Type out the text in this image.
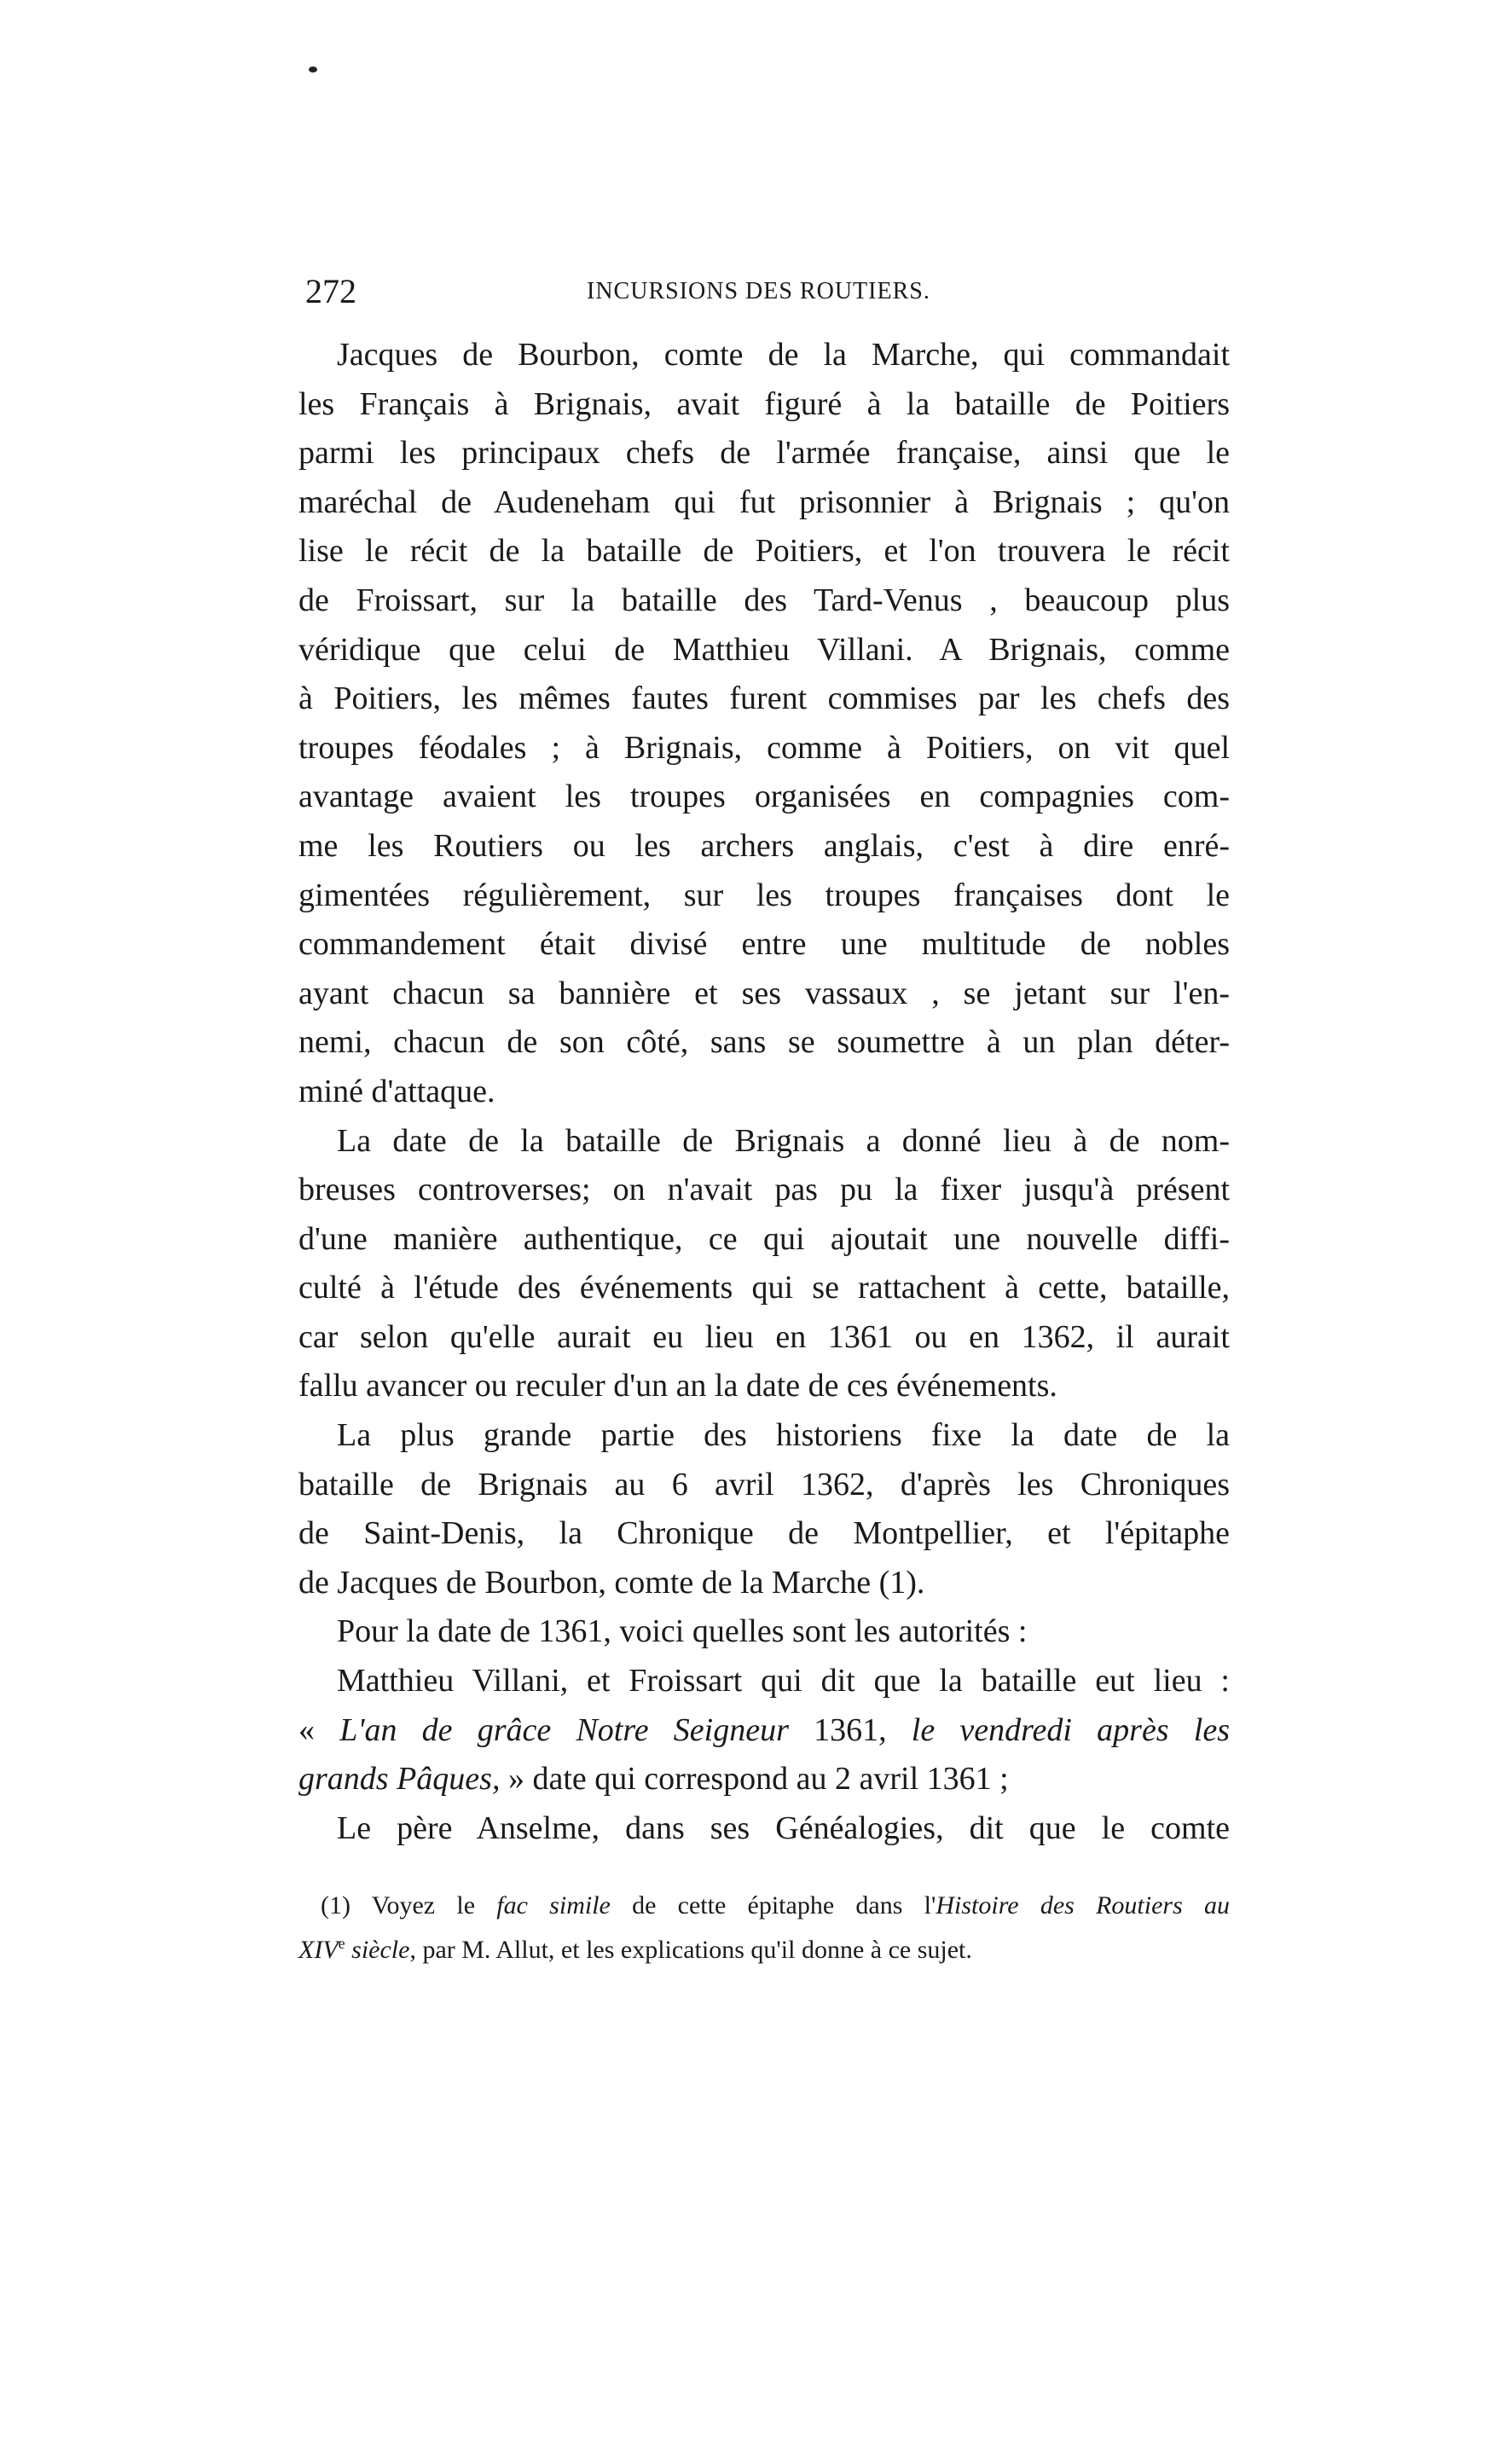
272	INCURSIONS DES ROUTIERS.
Jacques de Bourbon, comte de la Marche, qui commandait
les Français à Brignais, avait figuré à la bataille de Poitiers
parmi les principaux chefs de l'armée française, ainsi que le
maréchal de Audeneham qui fut prisonnier à Brignais ; qu'on
lise le récit de la bataille de Poitiers, et l'on trouvera le récit
de Froissart, sur la bataille des Tard-Venus , beaucoup plus
véridique que celui de Matthieu Villani. A Brignais, comme
à Poitiers, les mêmes fautes furent commises par les chefs des
troupes féodales ; à Brignais, comme à Poitiers, on vit quel
avantage avaient les troupes organisées en compagnies com-
me les Routiers ou les archers anglais, c'est à dire enré-
gimentées régulièrement, sur les troupes françaises dont le
commandement était divisé entre une multitude de nobles
ayant chacun sa bannière et ses vassaux , se jetant sur l'en-
nemi, chacun de son côté, sans se soumettre à un plan déter-
miné d'attaque.
La date de la bataille de Brignais a donné lieu à de nom-
breuses controverses; on n'avait pas pu la fixer jusqu'à présent
d'une manière authentique, ce qui ajoutait une nouvelle diffi-
culté à l'étude des événements qui se rattachent à cette, bataille,
car selon qu'elle aurait eu lieu en 1361 ou en 1362, il aurait
fallu avancer ou reculer d'un an la date de ces événements.
La plus grande partie des historiens fixe la date de la
bataille de Brignais au 6 avril 1362, d'après les Chroniques
de Saint-Denis, la Chronique de Montpellier, et l'épitaphe
de Jacques de Bourbon, comte de la Marche (1).
Pour la date de 1361, voici quelles sont les autorités :
Matthieu Villani, et Froissart qui dit que la bataille eut lieu :
« L'an de grâce Notre Seigneur 1361, le vendredi après les
grands Pâques, » date qui correspond au 2 avril 1361 ;
Le père Anselme, dans ses Généalogies, dit que le comte
(1) Voyez le fac simile de cette épitaphe dans l'Histoire des Routiers au
XIVe siècle, par M. Allut, et les explications qu'il donne à ce sujet.
